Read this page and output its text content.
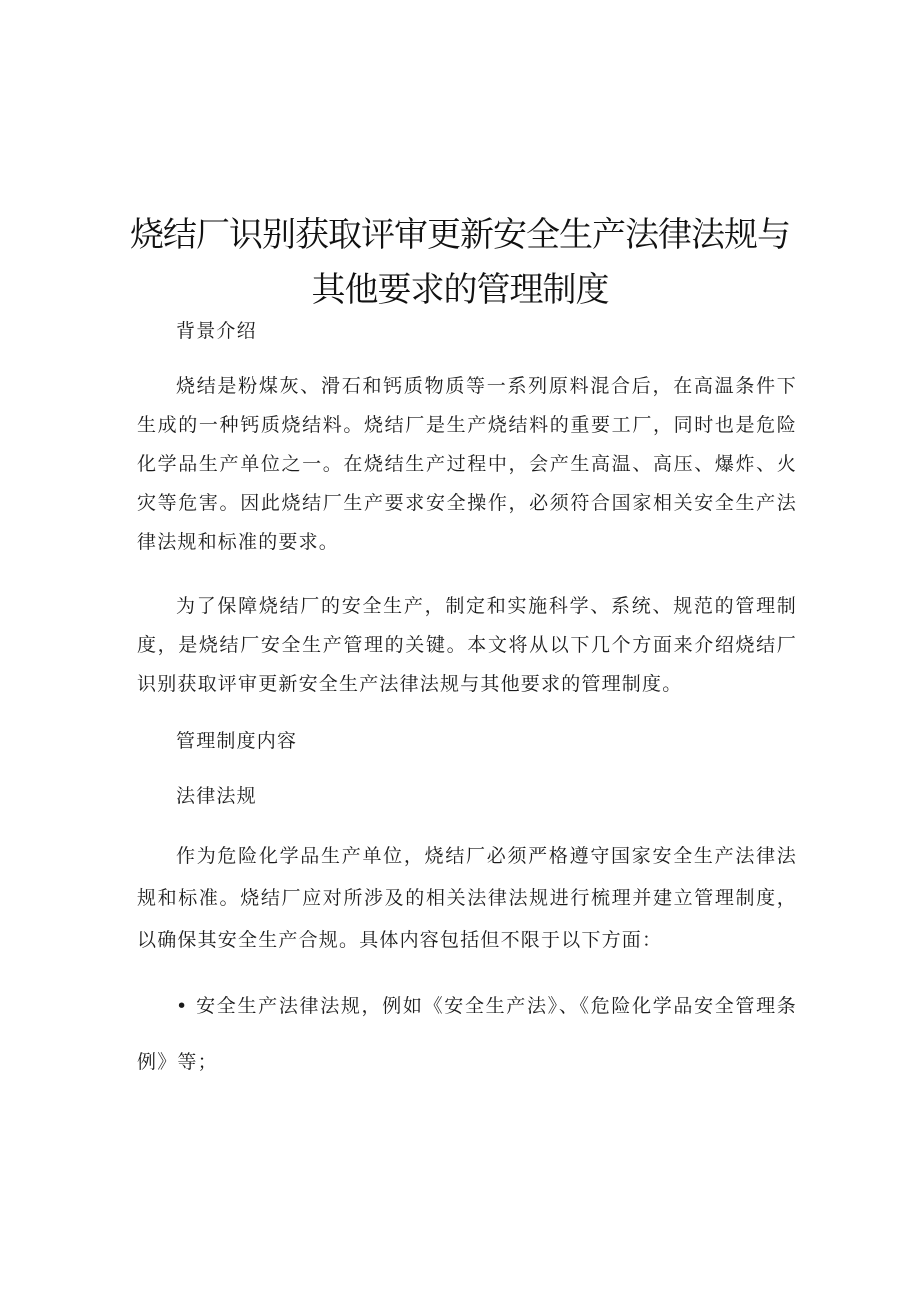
烧结厂识别获取评审更新安全生产法律法规与
其他要求的管理制度
背景介绍
烧结是粉煤灰、滑石和钙质物质等一系列原料混合后，在高温条件下生成的一种钙质烧结料。烧结厂是生产烧结料的重要工厂，同时也是危险化学品生产单位之一。在烧结生产过程中，会产生高温、高压、爆炸、火灾等危害。因此烧结厂生产要求安全操作，必须符合国家相关安全生产法律法规和标准的要求。
为了保障烧结厂的安全生产，制定和实施科学、系统、规范的管理制度，是烧结厂安全生产管理的关键。本文将从以下几个方面来介绍烧结厂识别获取评审更新安全生产法律法规与其他要求的管理制度。
管理制度内容
法律法规
作为危险化学品生产单位，烧结厂必须严格遵守国家安全生产法律法规和标准。烧结厂应对所涉及的相关法律法规进行梳理并建立管理制度，以确保其安全生产合规。具体内容包括但不限于以下方面：
• 安全生产法律法规，例如《安全生产法》、《危险化学品安全管理条例》等；
